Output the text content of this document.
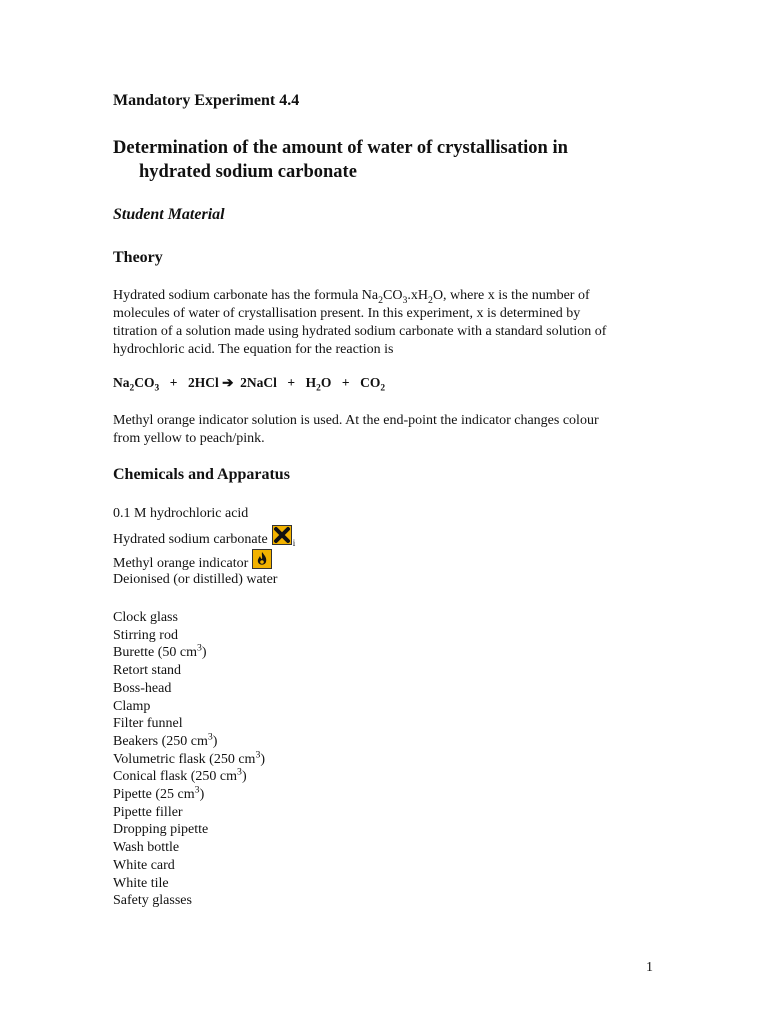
Mandatory Experiment 4.4
Determination of the amount of water of crystallisation in
hydrated sodium carbonate
Student Material
Theory
Hydrated sodium carbonate has the formula $Na_2CO_3.xH_2O$, where x is the number of
molecules of water of crystallisation present. In this experiment, x is determined by
titration of a solution made using hydrated sodium carbonate with a standard solution of
hydrochloric acid. The equation for the reaction is
$Na_2CO_3 + 2HCl$ ➔ 2NaCl + $H_2O + CO_2$
Methyl orange indicator solution is used. At the end-point the indicator changes colour
from yellow to peach/pink.
Chemicals and Apparatus
0.1 M hydrochloric acid
Hydrated sodium carbonate	i
Methyl orange indicator
Deionised (or distilled) water
Clock glass
Stirring rod
Burette (50 $cm^3$)
Retort stand
Boss-head
Clamp
Filter funnel
Beakers (250 $cm^3$)
Volumetric flask (250 $cm^3$)
Conical flask (250 $cm^3$)
Pipette (25 $cm^3$)
Pipette filler
Dropping pipette
Wash bottle
White card
White tile
Safety glasses
1
